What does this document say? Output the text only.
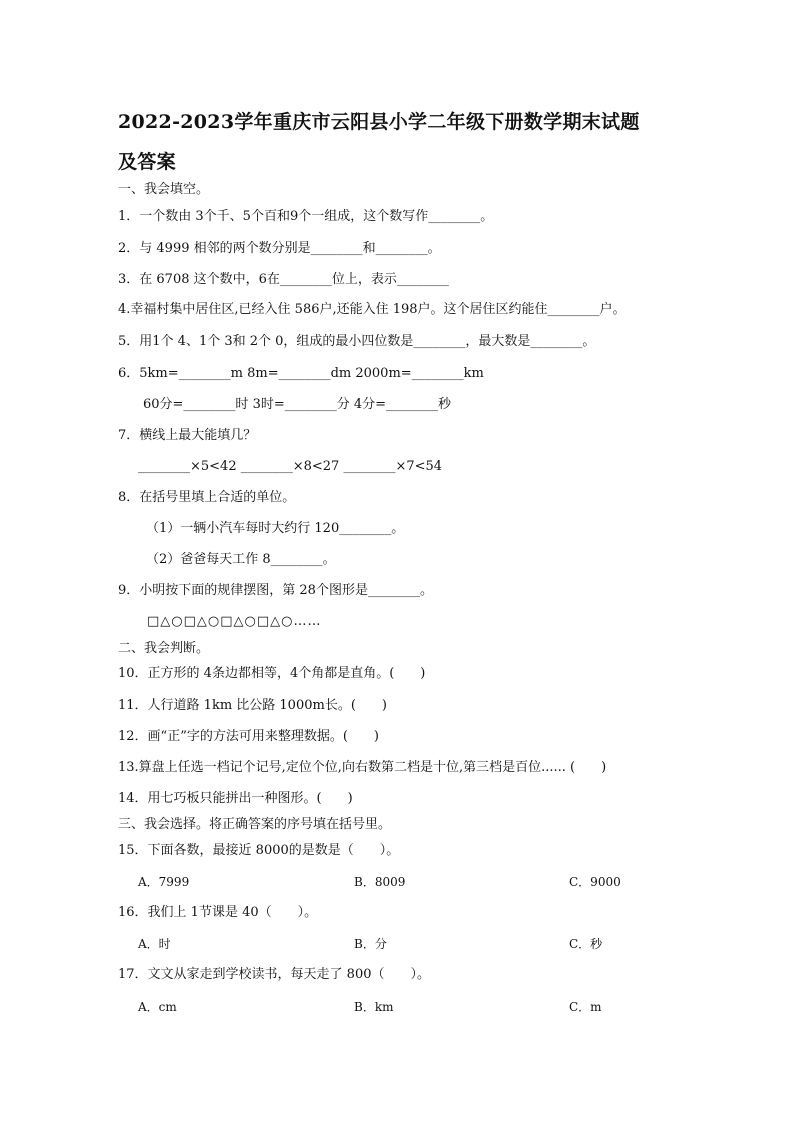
2022-2023学年重庆市云阳县小学二年级下册数学期末试题
及答案
一、我会填空。
1．一个数由 3个千、5个百和9个一组成，这个数写作________。
2．与 4999 相邻的两个数分别是________和________。
3．在 6708 这个数中，6在________位上，表示________
4.幸福村集中居住区,已经入住 586户,还能入住 198户。这个居住区约能住________户。
5．用1个 4、1个 3和 2个 0，组成的最小四位数是________，最大数是________。
6．5km=________m 8m=________dm 2000m=________km
60分=________时 3时=________分 4分=________秒
7．横线上最大能填几？
________×5<42 ________×8<27 ________×7<54
8．在括号里填上合适的单位。
（1）一辆小汽车每时大约行 120________。
（2）爸爸每天工作 8________。
9．小明按下面的规律摆图，第 28个图形是________。
□△○□△○□△○□△○……
二、我会判断。
10．正方形的 4条边都相等，4个角都是直角。(　　)
11．人行道路 1km 比公路 1000m长。(　　)
12．画“正”字的方法可用来整理数据。(　　)
13.算盘上任选一档记个记号,定位个位,向右数第二档是十位,第三档是百位...... (　　)
14．用七巧板只能拼出一种图形。(　　)
三、我会选择。将正确答案的序号填在括号里。
15．下面各数，最接近 8000的是数是（　　）。
A．7999	B．8009	C．9000
16．我们上 1节课是 40（　　）。
A．时	B．分	C．秒
17．文文从家走到学校读书，每天走了 800（　　）。
A．cm	B．km	C．m
